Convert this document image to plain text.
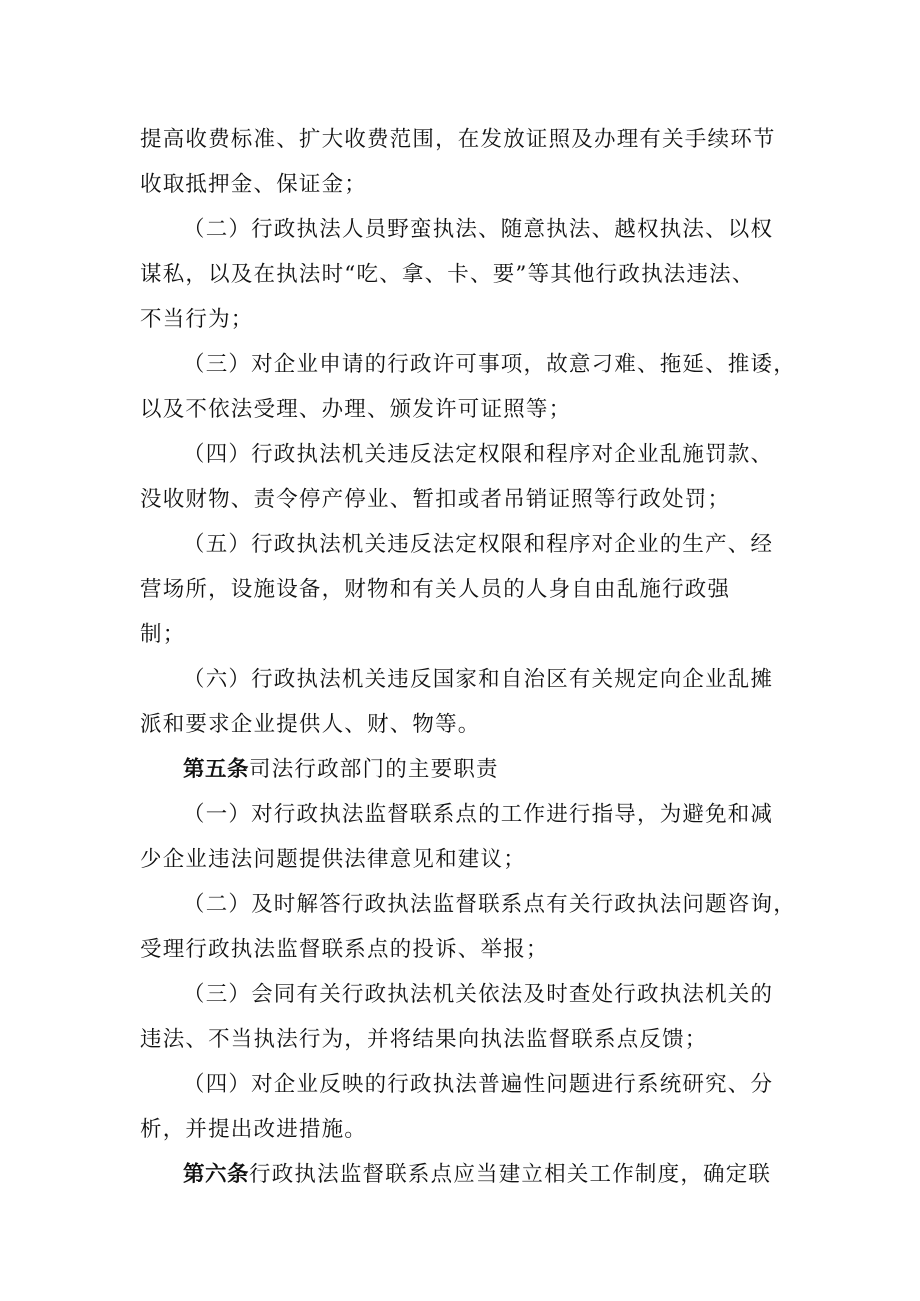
提高收费标准、扩大收费范围，在发放证照及办理有关手续环节
收取抵押金、保证金；
（二）行政执法人员野蛮执法、随意执法、越权执法、以权
谋私，以及在执法时“吃、拿、卡、要”等其他行政执法违法、
不当行为；
（三）对企业申请的行政许可事项，故意刁难、拖延、推诿，
以及不依法受理、办理、颁发许可证照等；
（四）行政执法机关违反法定权限和程序对企业乱施罚款、
没收财物、责令停产停业、暂扣或者吊销证照等行政处罚；
（五）行政执法机关违反法定权限和程序对企业的生产、经
营场所，设施设备，财物和有关人员的人身自由乱施行政强
制；
（六）行政执法机关违反国家和自治区有关规定向企业乱摊
派和要求企业提供人、财、物等。
第五条司法行政部门的主要职责
（一）对行政执法监督联系点的工作进行指导，为避免和减
少企业违法问题提供法律意见和建议；
（二）及时解答行政执法监督联系点有关行政执法问题咨询，
受理行政执法监督联系点的投诉、举报；
（三）会同有关行政执法机关依法及时查处行政执法机关的
违法、不当执法行为，并将结果向执法监督联系点反馈；
（四）对企业反映的行政执法普遍性问题进行系统研究、分
析，并提出改进措施。
第六条行政执法监督联系点应当建立相关工作制度，确定联
